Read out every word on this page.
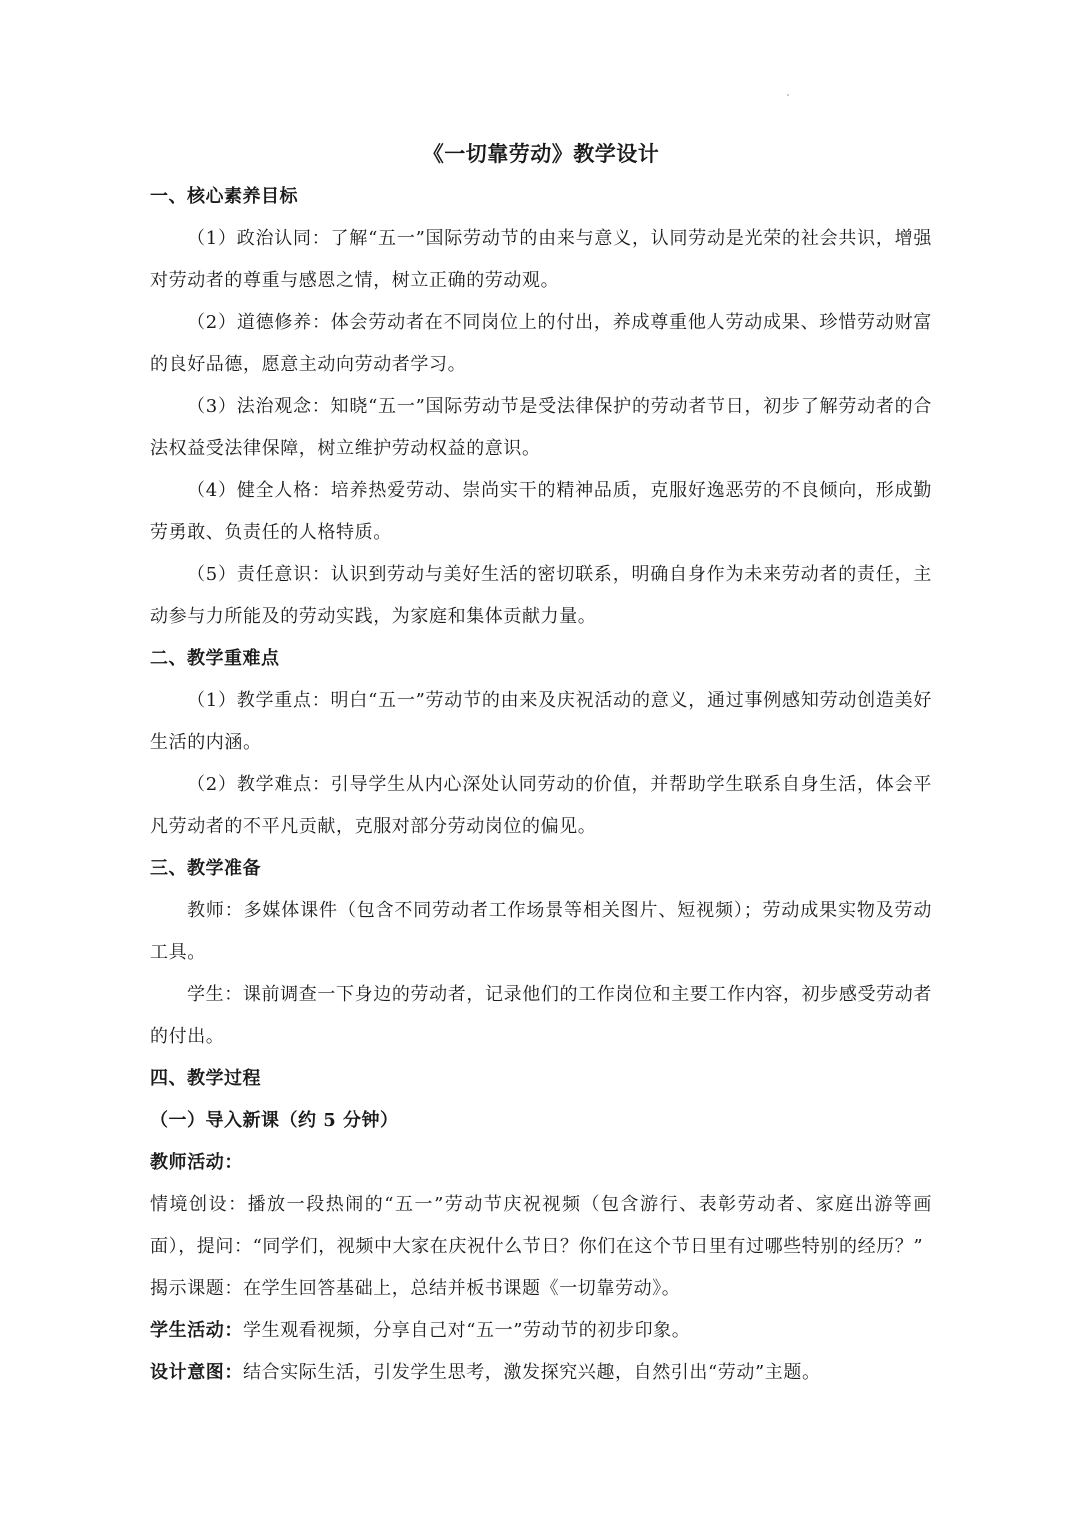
《一切靠劳动》教学设计
一、核心素养目标
（1）政治认同：了解“五一”国际劳动节的由来与意义，认同劳动是光荣的社会共识，增强对劳动者的尊重与感恩之情，树立正确的劳动观。
（2）道德修养：体会劳动者在不同岗位上的付出，养成尊重他人劳动成果、珍惜劳动财富的良好品德，愿意主动向劳动者学习。
（3）法治观念：知晓“五一”国际劳动节是受法律保护的劳动者节日，初步了解劳动者的合法权益受法律保障，树立维护劳动权益的意识。
（4）健全人格：培养热爱劳动、崇尚实干的精神品质，克服好逸恶劳的不良倾向，形成勤劳勇敢、负责任的人格特质。
（5）责任意识：认识到劳动与美好生活的密切联系，明确自身作为未来劳动者的责任，主动参与力所能及的劳动实践，为家庭和集体贡献力量。
二、教学重难点
（1）教学重点：明白“五一”劳动节的由来及庆祝活动的意义，通过事例感知劳动创造美好生活的内涵。
（2）教学难点：引导学生从内心深处认同劳动的价值，并帮助学生联系自身生活，体会平凡劳动者的不平凡贡献，克服对部分劳动岗位的偏见。
三、教学准备
教师：多媒体课件（包含不同劳动者工作场景等相关图片、短视频）；劳动成果实物及劳动工具。
学生：课前调查一下身边的劳动者，记录他们的工作岗位和主要工作内容，初步感受劳动者的付出。
四、教学过程
（一）导入新课（约 5 分钟）
教师活动：
情境创设：播放一段热闹的“五一”劳动节庆祝视频（包含游行、表彰劳动者、家庭出游等画面），提问：“同学们，视频中大家在庆祝什么节日？你们在这个节日里有过哪些特别的经历？”
揭示课题：在学生回答基础上，总结并板书课题《一切靠劳动》。
学生活动：学生观看视频，分享自己对“五一”劳动节的初步印象。
设计意图：结合实际生活，引发学生思考，激发探究兴趣，自然引出“劳动”主题。
